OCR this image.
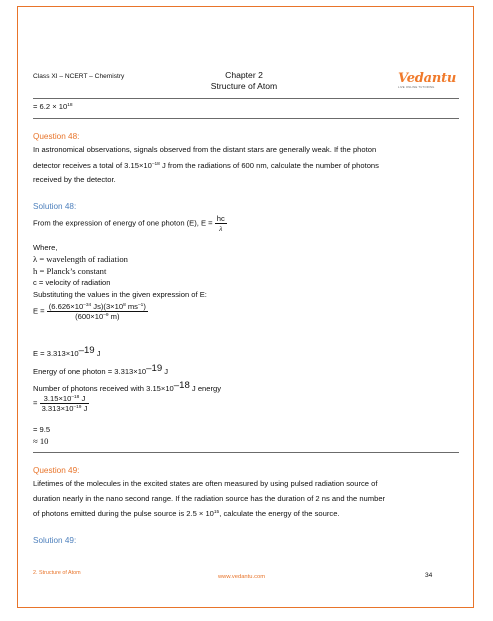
Class XI – NCERT – Chemistry	Chapter 2
Structure of Atom	Vedantu
LIVE ONLINE TUTORING
= $6.2 \times 10^{18}$
Question 48:
In astronomical observations, signals observed from the distant stars are generally weak. If the photon
detector receives a total of $3.15\times 10^{-18}$ J from the radiations of 600 nm, calculate the number of photons
received by the detector.
Solution 48:
From the expression of energy of one photon (E), $E = \frac{hc}{\lambda}$
Where,
λ = wavelength of radiation
h = Planck’s constant
c = velocity of radiation
Substituting the values in the given expression of E:
$E = \frac{(6.626\times 10^{-34} Js)(3\times 10^8 ms^{-1})}{(600\times 10^{-9} m)}$
$E = 3.313\times 10^{-19}$ J
Energy of one photon = $3.313\times 10^{-19}$ J
Number of photons received with $3.15\times 10^{-18}$ J energy
= $\frac{3.15\times 10^{-18} J}{3.313\times 10^{-19} J}$
= 9.5
≈ 10
Question 49:
Lifetimes of the molecules in the excited states are often measured by using pulsed radiation source of
duration nearly in the nano second range. If the radiation source has the duration of 2 ns and the number
of photons emitted during the pulse source is $2.5 \times 10^{15}$, calculate the energy of the source.
Solution 49:
2. Structure of Atom
www.vedantu.com	34
